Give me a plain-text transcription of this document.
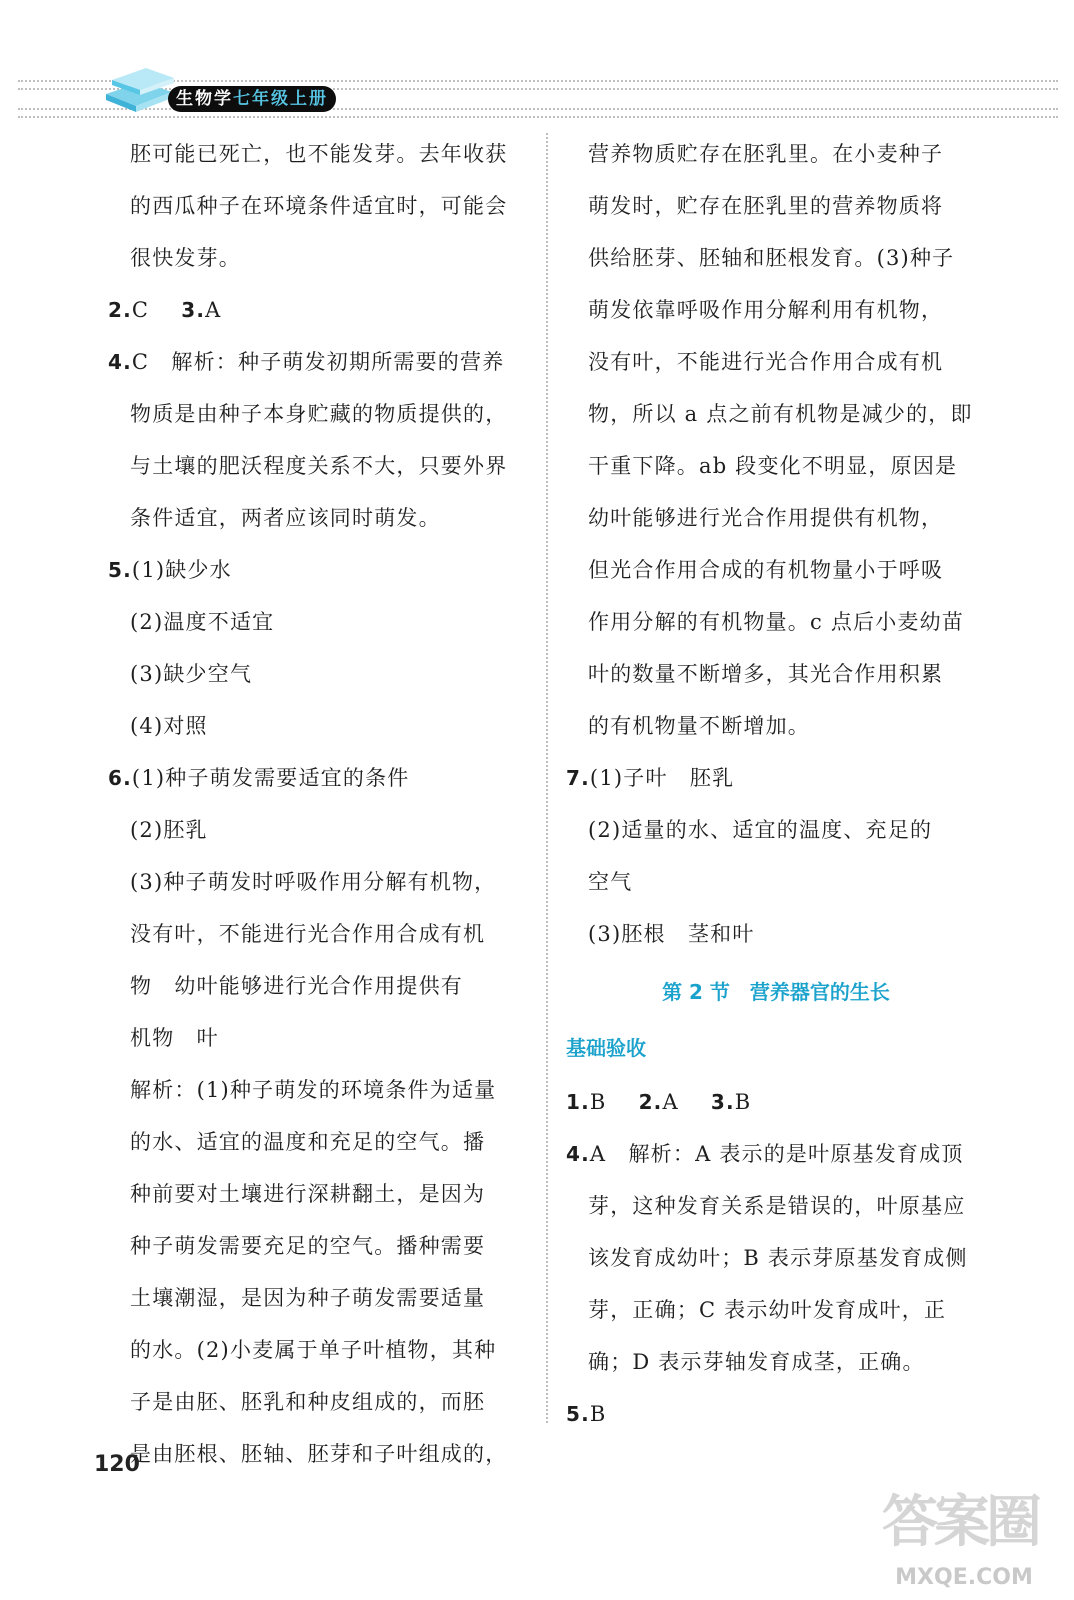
生物学七年级上册

胚可能已死亡，也不能发芽。去年收获

的西瓜种子在环境条件适宜时，可能会

很快发芽。

2.C 3.A

4.C　解析：种子萌发初期所需要的营养

物质是由种子本身贮藏的物质提供的，

与土壤的肥沃程度关系不大，只要外界

条件适宜，两者应该同时萌发。

5.(1)缺少水

(2)温度不适宜

(3)缺少空气

(4)对照

6.(1)种子萌发需要适宜的条件

(2)胚乳

(3)种子萌发时呼吸作用分解有机物，

没有叶，不能进行光合作用合成有机

物　幼叶能够进行光合作用提供有

机物　叶

解析：(1)种子萌发的环境条件为适量

的水、适宜的温度和充足的空气。播

种前要对土壤进行深耕翻土，是因为

种子萌发需要充足的空气。播种需要

土壤潮湿，是因为种子萌发需要适量

的水。(2)小麦属于单子叶植物，其种

子是由胚、胚乳和种皮组成的，而胚

是由胚根、胚轴、胚芽和子叶组成的，

营养物质贮存在胚乳里。在小麦种子

萌发时，贮存在胚乳里的营养物质将

供给胚芽、胚轴和胚根发育。(3)种子

萌发依靠呼吸作用分解利用有机物，

没有叶，不能进行光合作用合成有机

物，所以 a 点之前有机物是减少的，即

干重下降。ab 段变化不明显，原因是

幼叶能够进行光合作用提供有机物，

但光合作用合成的有机物量小于呼吸

作用分解的有机物量。c 点后小麦幼苗

叶的数量不断增多，其光合作用积累

的有机物量不断增加。

7.(1)子叶　胚乳

(2)适量的水、适宜的温度、充足的

空气

(3)胚根　茎和叶

第 2 节　营养器官的生长
基础验收

1.B 2.A 3.B

4.A　解析：A 表示的是叶原基发育成顶

芽，这种发育关系是错误的，叶原基应

该发育成幼叶；B 表示芽原基发育成侧

芽，正确；C 表示幼叶发育成叶，正

确；D 表示芽轴发育成茎，正确。

5.B

120
答案圈
MXQE.COM
